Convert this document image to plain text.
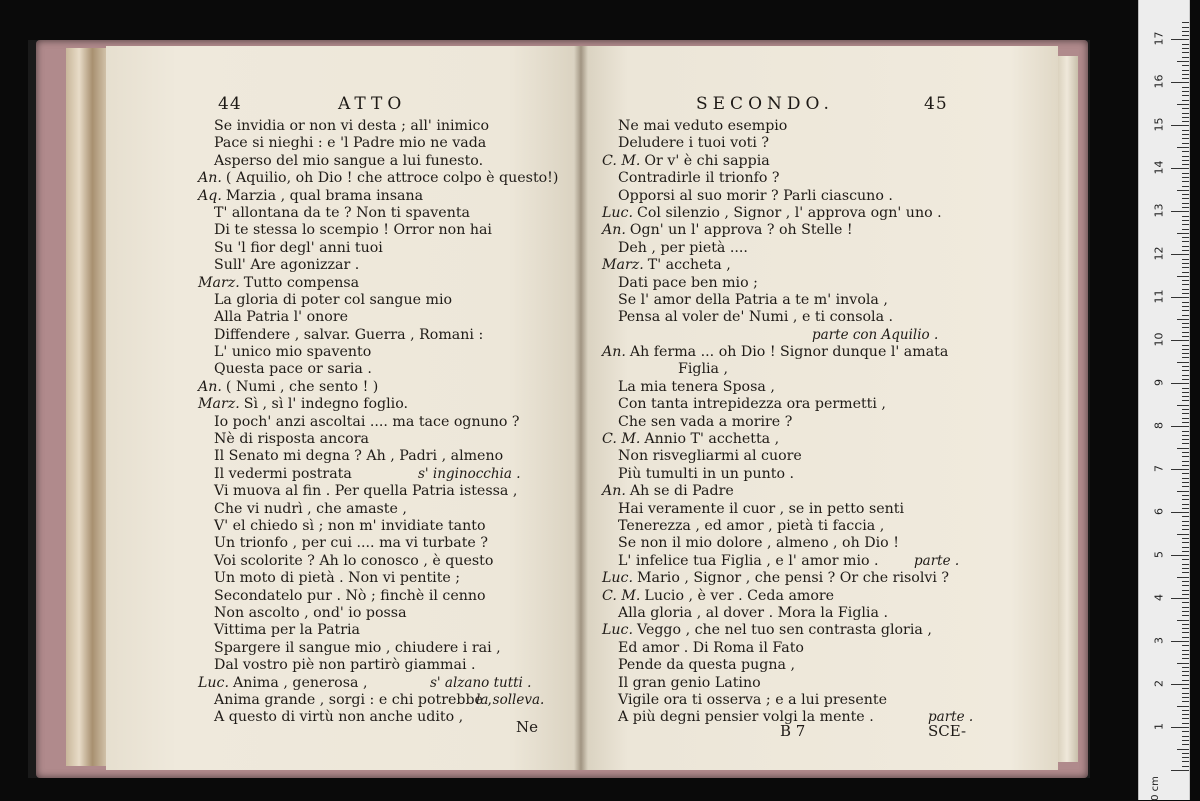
44	ATTO
Se invidia or non vi desta ; all' inimico
Pace si nieghi : e 'l Padre mio ne vada
Asperso del mio sangue a lui funesto.
An. ( Aquilio, oh Dio ! che attroce colpo è questo!)
Aq. Marzia , qual brama insana
T' allontana da te ? Non ti spaventa
Di te stessa lo scempio ! Orror non hai
Su 'l fior degl' anni tuoi
Sull' Are agonizzar .
Marz. Tutto compensa
La gloria di poter col sangue mio
Alla Patria l' onore
Diffendere , salvar. Guerra , Romani :
L' unico mio spavento
Questa pace or saria .
An. ( Numi , che sento ! )
Marz. Sì , sì l' indegno foglio.
Io poch' anzi ascoltai .... ma tace ognuno ?
Nè di risposta ancora
Il Senato mi degna ? Ah , Padri , almeno
Il vedermi postrata	s' inginocchia .
Vi muova al fin . Per quella Patria istessa ,
Che vi nudrì , che amaste ,
V' el chiedo sì ; non m' invidiate tanto
Un trionfo , per cui .... ma vi turbate ?
Voi scolorite ? Ah lo conosco , è questo
Un moto di pietà . Non vi pentite ;
Secondatelo pur . Nò ; finchè il cenno
Non ascolto , ond' io possa
Vittima per la Patria
Spargere il sangue mio , chiudere i rai ,
Dal vostro piè non partirò giammai .
Luc. Anima , generosa ,	s' alzano tutti .
Anima grande , sorgi : e chi potrebbe ,
la solleva.
A questo di virtù non anche udito ,
Ne
SECONDO.	45
Ne mai veduto esempio
Deludere i tuoi voti ?
C. M. Or v' è chi sappia
Contradirle il trionfo ?
Opporsi al suo morir ? Parli ciascuno .
Luc. Col silenzio , Signor , l' approva ogn' uno .
An. Ogn' un l' approva ? oh Stelle !
Deh , per pietà ....
Marz. T' accheta ,
Dati pace ben mio ;
Se l' amor della Patria a te m' invola ,
Pensa al voler de' Numi , e ti consola .
parte con Aquilio .
An. Ah ferma ... oh Dio ! Signor dunque l' amata
Figlia ,
La mia tenera Sposa ,
Con tanta intrepidezza ora permetti ,
Che sen vada a morire ?
C. M. Annio T' acchetta ,
Non risvegliarmi al cuore
Più tumulti in un punto .
An. Ah se di Padre
Hai veramente il cuor , se in petto senti
Tenerezza , ed amor , pietà ti faccia ,
Se non il mio dolore , almeno , oh Dio !
L' infelice tua Figlia , e l' amor mio .	parte .
Luc. Mario , Signor , che pensi ? Or che risolvi ?
C. M. Lucio , è ver . Ceda amore
Alla gloria , al dover . Mora la Figlia .
Luc. Veggo , che nel tuo sen contrasta gloria ,
Ed amor . Di Roma il Fato
Pende da questa pugna ,
Il gran genio Latino
Vigile ora ti osserva ; e a lui presente
A più degni pensier volgi la mente .	parte .
B 7	SCE-
0 cm
1
2
3
4
5
6
7
8
9
10
11
12
13
14
15
16
17
